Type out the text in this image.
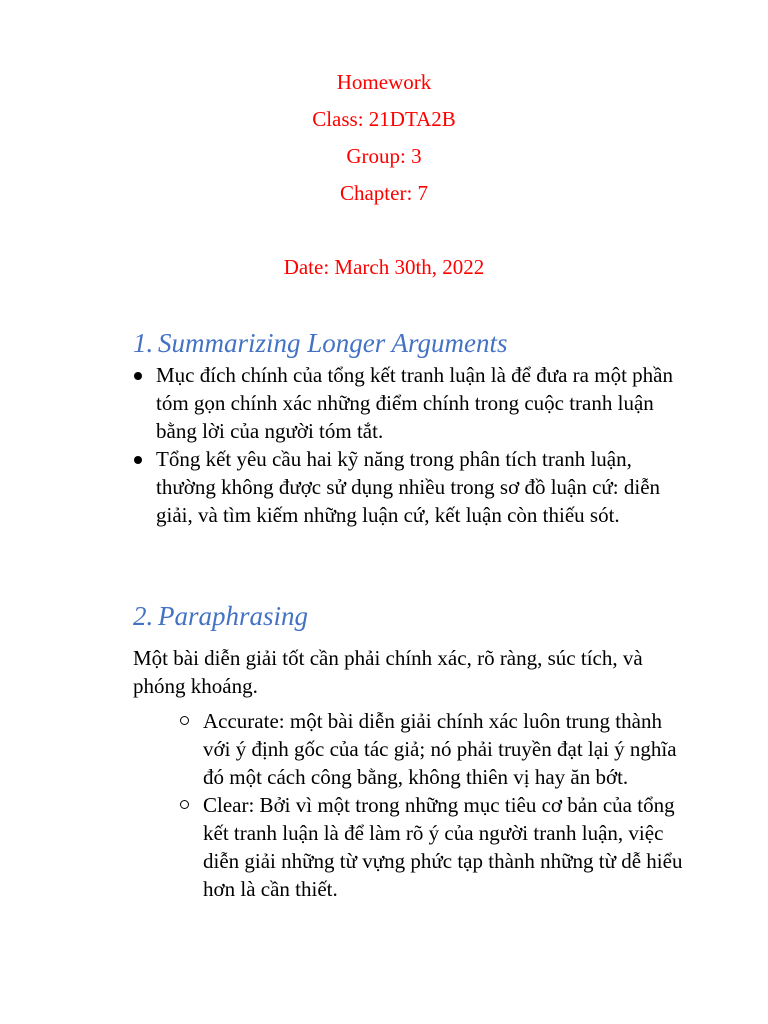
Homework
Class: 21DTA2B
Group: 3
Chapter: 7
Date: March 30th, 2022
1. Summarizing Longer Arguments
Mục đích chính của tổng kết tranh luận là để đưa ra một phần tóm gọn chính xác những điểm chính trong cuộc tranh luận bằng lời của người tóm tắt.
Tổng kết yêu cầu hai kỹ năng trong phân tích tranh luận, thường không được sử dụng nhiều trong sơ đồ luận cứ: diễn giải, và tìm kiếm những luận cứ, kết luận còn thiếu sót.
2. Paraphrasing

Một bài diễn giải tốt cần phải chính xác, rõ ràng, súc tích, và phóng khoáng.

Accurate: một bài diễn giải chính xác luôn trung thành với ý định gốc của tác giả; nó phải truyền đạt lại ý nghĩa đó một cách công bằng, không thiên vị hay ăn bớt.
Clear: Bởi vì một trong những mục tiêu cơ bản của tổng kết tranh luận là để làm rõ ý của người tranh luận, việc diễn giải những từ vựng phức tạp thành những từ dễ hiểu hơn là cần thiết.
